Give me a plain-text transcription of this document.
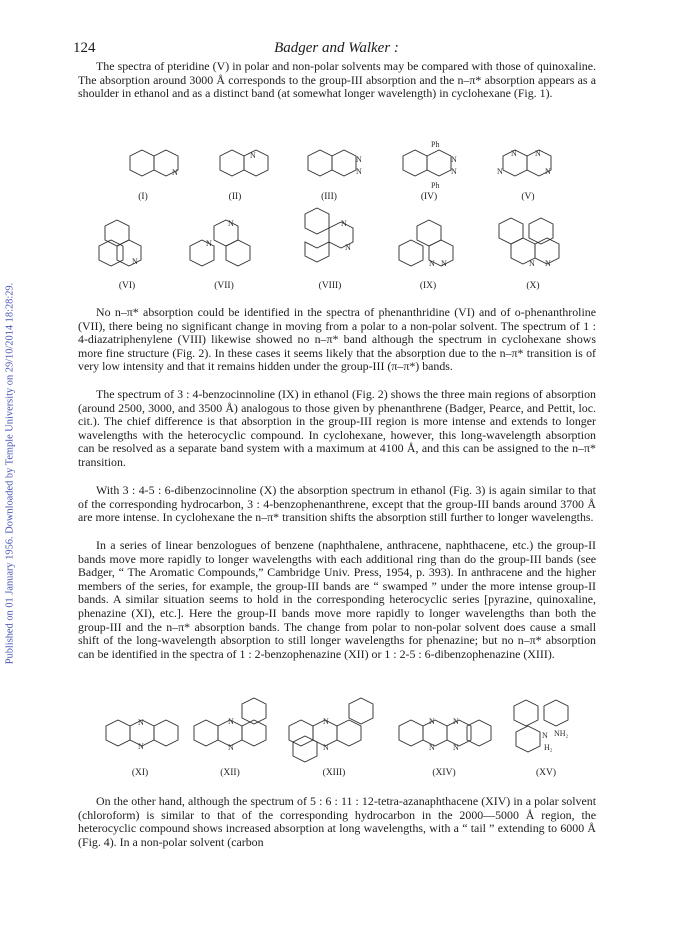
124	Badger and Walker :
Published on 01 January 1956. Downloaded by Temple University on 29/10/2014 18:28:29.

The spectra of pteridine (V) in polar and non-polar solvents may be compared with those of quinoxaline. The absorption around 3000 Å corresponds to the group-III absorption and the n–π* absorption appears as a shoulder in ethanol and as a distinct band (at somewhat longer wavelength) in cyclohexane (Fig. 1).

N
N	N
N
Ph
N
N
Ph
N N
N	N
(I)	(II)	(III)	(IV)	(V)
N
N
N
N
N
N N	N N
(VI)	(VII)	(VIII)	(IX)	(X)

No n–π* absorption could be identified in the spectra of phenanthridine (VI) and of o-phenanthroline (VII), there being no significant change in moving from a polar to a non-polar solvent. The spectrum of 1 : 4-diazatriphenylene (VIII) likewise showed no n–π* band although the spectrum in cyclohexane shows more fine structure (Fig. 2). In these cases it seems likely that the absorption due to the n–π* transition is of very low intensity and that it remains hidden under the group-III (π–π*) bands.

The spectrum of 3 : 4-benzocinnoline (IX) in ethanol (Fig. 2) shows the three main regions of absorption (around 2500, 3000, and 3500 Å) analogous to those given by phenanthrene (Badger, Pearce, and Pettit, loc. cit.). The chief difference is that absorption in the group-III region is more intense and extends to longer wavelengths with the heterocyclic compound. In cyclohexane, however, this long-wavelength absorption can be resolved as a separate band system with a maximum at 4100 Å, and this can be assigned to the n–π* transition.

With 3 : 4-5 : 6-dibenzocinnoline (X) the absorption spectrum in ethanol (Fig. 3) is again similar to that of the corresponding hydrocarbon, 3 : 4-benzophenanthrene, except that the group-III bands around 3700 Å are more intense. In cyclohexane the n–π* transition shifts the absorption still further to longer wavelengths.

In a series of linear benzologues of benzene (naphthalene, anthracene, naphthacene, etc.) the group-II bands move more rapidly to longer wavelengths with each additional ring than do the group-III bands (see Badger, “ The Aromatic Compounds,” Cambridge Univ. Press, 1954, p. 393). In anthracene and the higher members of the series, for example, the group-III bands are “ swamped ” under the more intense group-II bands. A similar situation seems to hold in the corresponding heterocyclic series [pyrazine, quinoxaline, phenazine (XI), etc.]. Here the group-II bands move more rapidly to longer wavelengths than both the group-III and the n–π* absorption bands. The change from polar to non-polar solvent does cause a small shift of the long-wavelength absorption to still longer wavelengths for phenazine; but no n–π* absorption can be identified in the spectra of 1 : 2-benzophenazine (XII) or 1 : 2-5 : 6-dibenzophenazine (XIII).

N
N
N
N
N
N
N N
N N
N NH₂
H₂
(XI)	(XII)	(XIII)	(XIV)	(XV)

On the other hand, although the spectrum of 5 : 6 : 11 : 12-tetra-azanaphthacene (XIV) in a polar solvent (chloroform) is similar to that of the corresponding hydrocarbon in the 2000—5000 Å region, the heterocyclic compound shows increased absorption at long wavelengths, with a “ tail ” extending to 6000 Å (Fig. 4). In a non-polar solvent (carbon
